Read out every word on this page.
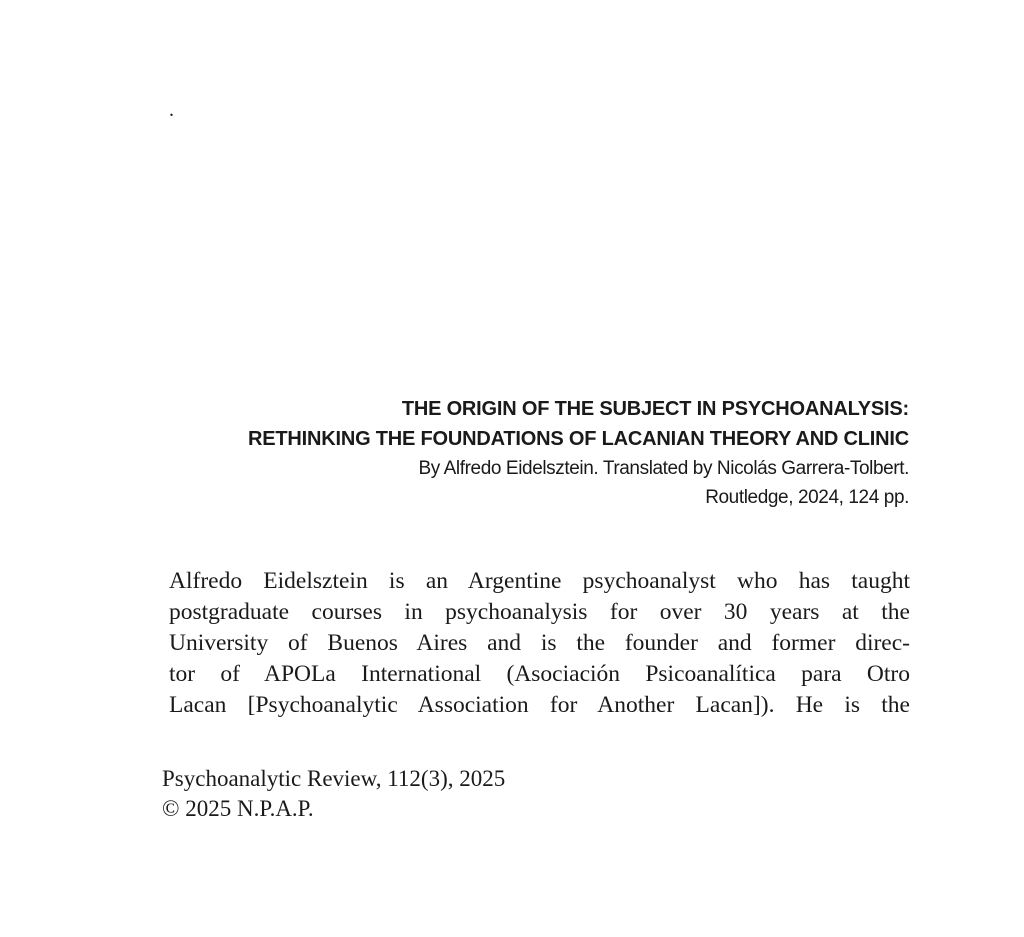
.
THE ORIGIN OF THE SUBJECT IN PSYCHOANALYSIS:
RETHINKING THE FOUNDATIONS OF LACANIAN THEORY AND CLINIC
By Alfredo Eidelsztein. Translated by Nicolás Garrera-Tolbert.
Routledge, 2024, 124 pp.
Alfredo Eidelsztein is an Argentine psychoanalyst who has taught
postgraduate courses in psychoanalysis for over 30 years at the
University of Buenos Aires and is the founder and former direc-
tor of APOLa International (Asociación Psicoanalítica para Otro
Lacan [Psychoanalytic Association for Another Lacan]). He is the
Psychoanalytic Review, 112(3), 2025
© 2025 N.P.A.P.
